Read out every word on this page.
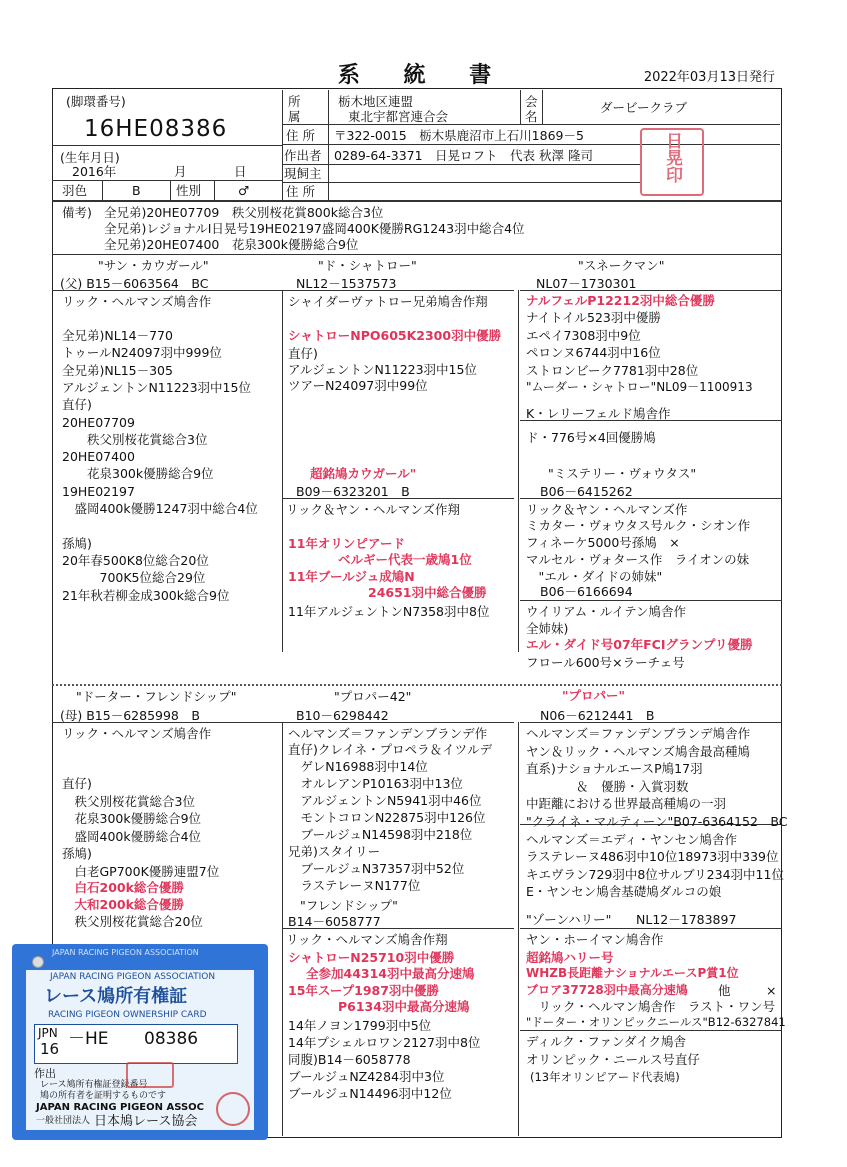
系 統 書	2022年03月13日発行
(脚環番号)
16HE08386
(生年月日)
2016年	月	日
羽色	B	性別	♂
所
属
栃木地区連盟
東北宇都宮連合会
会
名
ダービークラブ
住 所 〒322-0015　栃木県鹿沼市上石川1869－5
作出者 0289-64-3371　日晃ロフト　代表 秋澤 隆司
現飼主
住 所
日晃印
備考) 全兄弟)20HE07709　秩父別桜花賞800k総合3位
全兄弟)レジョナルⅠ日晃号19HE02197盛岡400K優勝RG1243羽中総合4位
全兄弟)20HE07400　花泉300k優勝総合9位
"サン・カウガール"
(父) B15－6063564　BC
リック・ヘルマンズ鳩舎作
全兄弟)NL14－770
トゥールN24097羽中999位
全兄弟)NL15－305
アルジェントンN11223羽中15位
直仔)
20HE07709
　　秩父別桜花賞総合3位
20HE07400
　　花泉300k優勝総合9位
19HE02197
　盛岡400k優勝1247羽中総合4位
孫鳩)
20年春500K8位総合20位
　　　700K5位総合29位
21年秋若柳金成300k総合9位
"ド・シャトロー"
NL12－1537573
シャイダーヴァトロー兄弟鳩舎作翔
シャトローNPO605K2300羽中優勝
直仔)
アルジェントンN11223羽中15位
ツアーN24097羽中99位
"スネークマン"
NL07－1730301
ナルフェルP12212羽中総合優勝
ナイトイル523羽中優勝
エペイ7308羽中9位
ペロンヌ6744羽中16位
ストロンビーク7781羽中28位
"ムーダー・シャトロー"NL09－1100913
K・レリーフェルド鳩舎作
ド・776号×4回優勝鳩
超銘鳩カウガール"
B09－6323201　B
リック＆ヤン・ヘルマンズ作翔
11年オリンピアード
ベルギー代表一歳鳩1位
11年ブールジュ成鳩N
24651羽中総合優勝
11年アルジェントンN7358羽中8位
"ミステリー・ヴォウタス"
B06－6415262
リック＆ヤン・ヘルマンズ作
ミカター・ヴォウタス号ルク・シオン作
フィネーケ5000号孫鳩　×
マルセル・ヴォタース作　ライオンの妹
　"エル・ダイドの姉妹"
B06－6166694
ウイリアム・ルイテン鳩舎作
全姉妹)
エル・ダイド号07年FCIグランプリ優勝
フロール600号×ラーチェ号
"ドーター・フレンドシップ"
(母) B15－6285998　B
リック・ヘルマンズ鳩舎作
直仔)
　秩父別桜花賞総合3位
　花泉300k優勝総合9位
　盛岡400k優勝総合4位
孫鳩)
　白老GP700K優勝連盟7位
　白石200k総合優勝
　大和200k総合優勝
　秩父別桜花賞総合20位
"プロパー42"
B10－6298442
ヘルマンズ＝ファンデンブランデ作
直仔)クレイネ・プロペラ＆イツルデ
　ゲレN16988羽中14位
　オルレアンP10163羽中13位
　アルジェントンN5941羽中46位
　モントコロンN22875羽中126位
　ブールジュN14598羽中218位
兄弟)スタイリー
　ブールジュN37357羽中52位
　ラステレーヌN177位
"プロパー"
N06－6212441　B
ヘルマンズ＝ファンデンブランデ鳩舎作
ヤン＆リック・ヘルマンズ鳩舎最高種鳩
直系)ナショナルエースP鳩17羽
　　　　＆　優勝・入賞羽数
中距離における世界最高種鳩の一羽
"クライネ・マルティーン"B07-6364152　BC
ヘルマンズ＝エディ・ヤンセン鳩舎作
ラステレーヌ486羽中10位18973羽中339位
キエヴラン729羽中8位サルブリ234羽中11位
E・ヤンセン鳩舎基礎鳩ダルコの娘
"フレンドシップ"
B14－6058777
リック・ヘルマンズ鳩舎作翔
シャトローN25710羽中優勝
全参加44314羽中最高分速鳩
15年スープ1987羽中優勝
P6134羽中最高分速鳩
14年ノヨン1799羽中5位
14年プシェルロワン2127羽中8位
同腹)B14－6058778
ブールジュNZ4284羽中3位
ブールジュN14496羽中12位
"ゾーンハリー" NL12－1783897
ヤン・ホーイマン鳩舎作
超銘鳩ハリー号
WHZB長距離ナショナルエースP賞1位
ブロア37728羽中最高分速鳩 他	×
　リック・ヘルマン鳩舎作　ラスト・ワン号
"ドーター・オリンピックニールス"B12-6327841
ディルク・ファンダイク鳩舎
オリンピック・ニールス号直仔
(13年オリンピアード代表鳩)
JAPAN RACING PIGEON ASSOCIATION
JAPAN RACING PIGEON ASSOCIATION
レース鳩所有権証
RACING PIGEON OWNERSHIP CARD
JPN
16 －HE 08386
作出
レース鳩所有権証登録番号
鳩の所有者を証明するものです
JAPAN RACING PIGEON ASSOC
一般社団法人 日本鳩レース協会
